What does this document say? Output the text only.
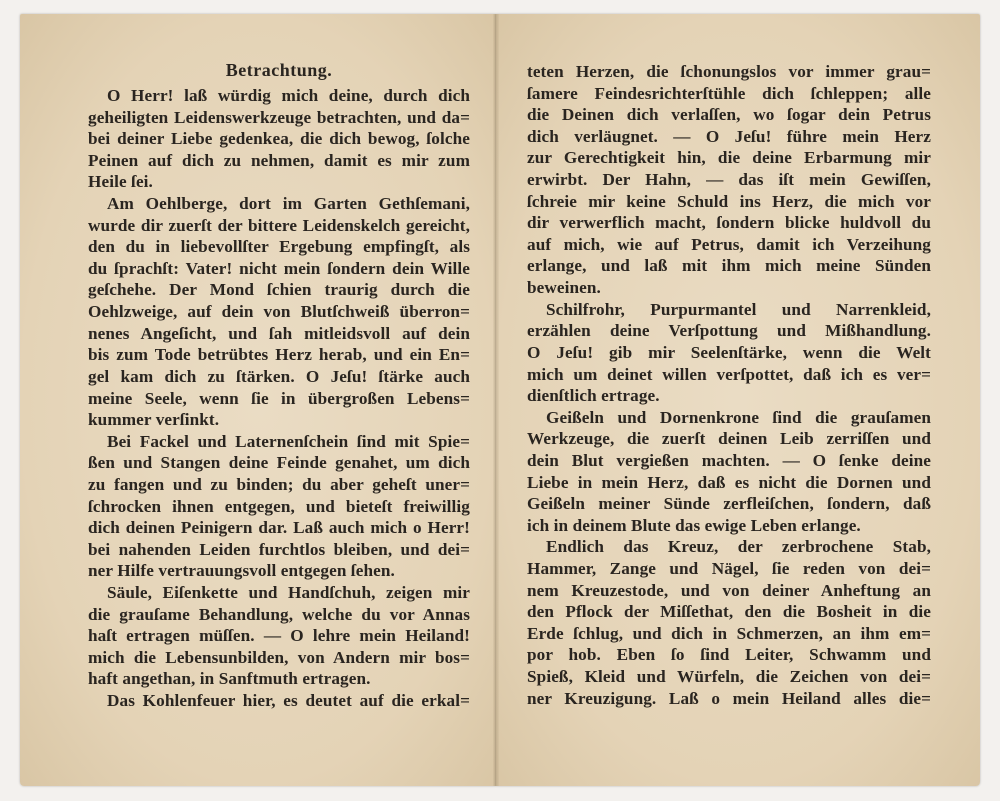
Betrachtung.
O Herr! laß würdig mich deine, durch dich
geheiligten Leidenswerkzeuge betrachten, und da=
bei deiner Liebe gedenkea, die dich bewog, ſolche
Peinen auf dich zu nehmen, damit es mir zum
Heile ſei.
Am Oehlberge, dort im Garten Gethſemani,
wurde dir zuerſt der bittere Leidenskelch gereicht,
den du in liebevollſter Ergebung empfingſt, als
du ſprachſt: Vater! nicht mein ſondern dein Wille
geſchehe. Der Mond ſchien traurig durch die
Oehlzweige, auf dein von Blutſchweiß überron=
nenes Angeſicht, und ſah mitleidsvoll auf dein
bis zum Tode betrübtes Herz herab, und ein En=
gel kam dich zu ſtärken. O Jeſu! ſtärke auch
meine Seele, wenn ſie in übergroßen Lebens=
kummer verſinkt.
Bei Fackel und Laternenſchein ſind mit Spie=
ßen und Stangen deine Feinde genahet, um dich
zu fangen und zu binden; du aber geheſt uner=
ſchrocken ihnen entgegen, und bieteſt freiwillig
dich deinen Peinigern dar. Laß auch mich o Herr!
bei nahenden Leiden furchtlos bleiben, und dei=
ner Hilfe vertrauungsvoll entgegen ſehen.
Säule, Eiſenkette und Handſchuh, zeigen mir
die grauſame Behandlung, welche du vor Annas
haſt ertragen müſſen. — O lehre mein Heiland!
mich die Lebensunbilden, von Andern mir bos=
haft angethan, in Sanftmuth ertragen.
Das Kohlenfeuer hier, es deutet auf die erkal=
teten Herzen, die ſchonungslos vor immer grau=
ſamere Feindesrichterſtühle dich ſchleppen; alle
die Deinen dich verlaſſen, wo ſogar dein Petrus
dich verläugnet. — O Jeſu! führe mein Herz
zur Gerechtigkeit hin, die deine Erbarmung mir
erwirbt. Der Hahn, — das iſt mein Gewiſſen,
ſchreie mir keine Schuld ins Herz, die mich vor
dir verwerflich macht, ſondern blicke huldvoll du
auf mich, wie auf Petrus, damit ich Verzeihung
erlange, und laß mit ihm mich meine Sünden
beweinen.
Schilfrohr, Purpurmantel und Narrenkleid,
erzählen deine Verſpottung und Mißhandlung.
O Jeſu! gib mir Seelenſtärke, wenn die Welt
mich um deinet willen verſpottet, daß ich es ver=
dienſtlich ertrage.
Geißeln und Dornenkrone ſind die grauſamen
Werkzeuge, die zuerſt deinen Leib zerriſſen und
dein Blut vergießen machten. — O ſenke deine
Liebe in mein Herz, daß es nicht die Dornen und
Geißeln meiner Sünde zerfleiſchen, ſondern, daß
ich in deinem Blute das ewige Leben erlange.
Endlich das Kreuz, der zerbrochene Stab,
Hammer, Zange und Nägel, ſie reden von dei=
nem Kreuzestode, und von deiner Anheftung an
den Pflock der Miſſethat, den die Bosheit in die
Erde ſchlug, und dich in Schmerzen, an ihm em=
por hob. Eben ſo ſind Leiter, Schwamm und
Spieß, Kleid und Würfeln, die Zeichen von dei=
ner Kreuzigung. Laß o mein Heiland alles die=
